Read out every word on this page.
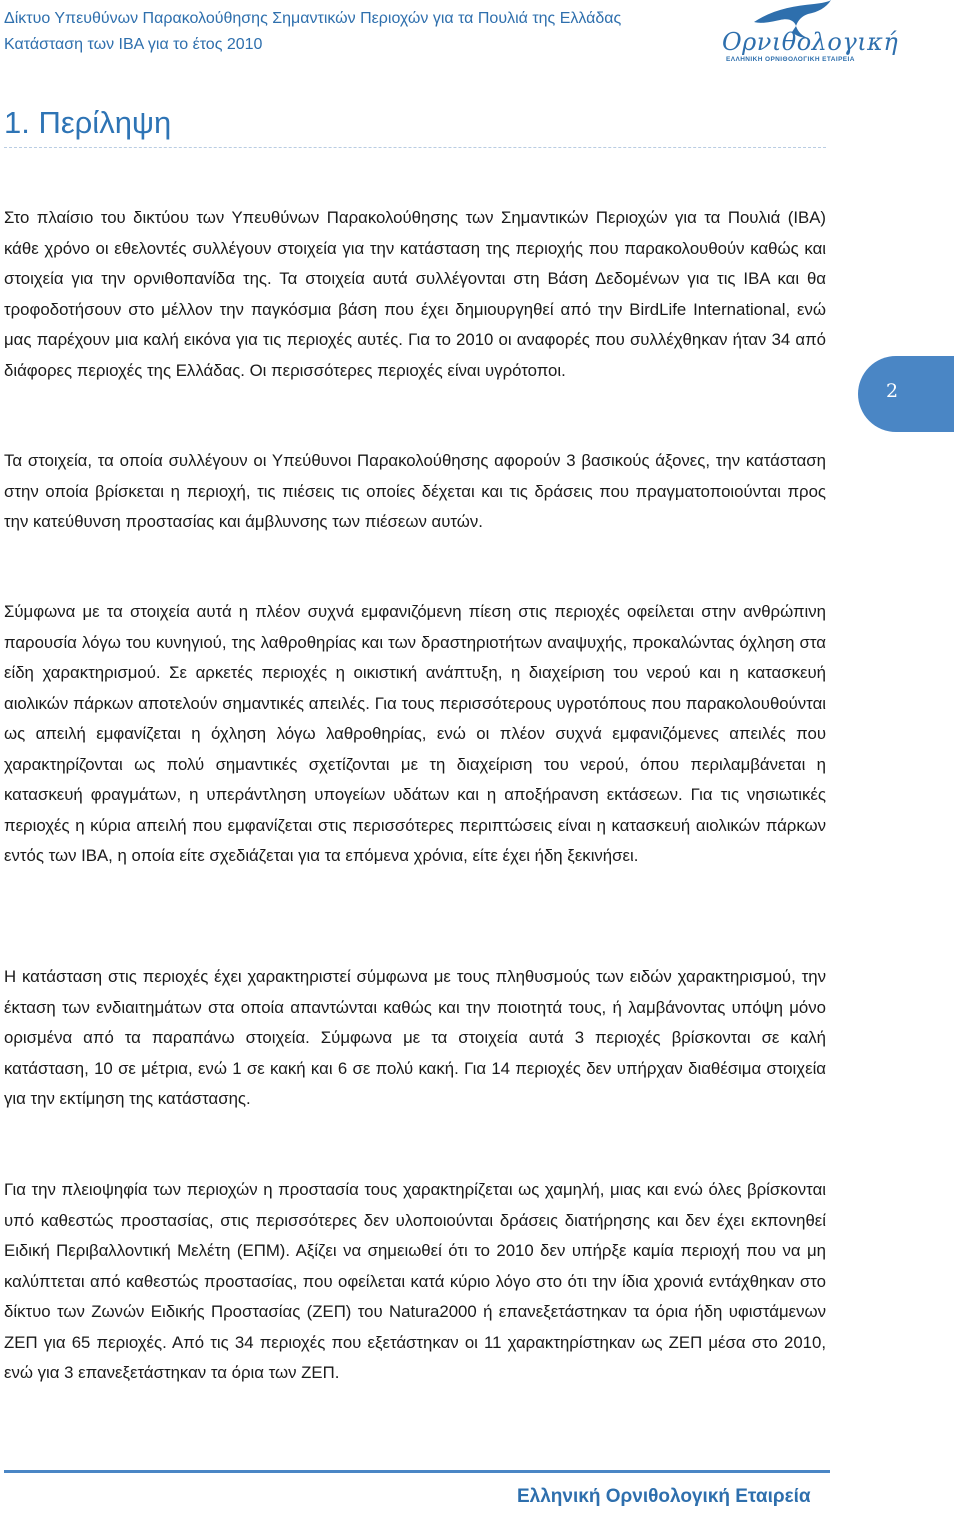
Δίκτυο Υπευθύνων Παρακολούθησης Σημαντικών Περιοχών για τα Πουλιά της Ελλάδας
Κατάσταση των ΙΒΑ για το έτος 2010	Ορνιθολογική
ΕΛΛΗΝΙΚΗ ΟΡΝΙΘΟΛΟΓΙΚΗ ΕΤΑΙΡΕΙΑ
1. Περίληψη

Στο πλαίσιο του δικτύου των Υπευθύνων Παρακολούθησης των Σημαντικών Περιοχών για τα Πουλιά (ΙΒΑ) κάθε χρόνο οι εθελοντές συλλέγουν στοιχεία για την κατάσταση της περιοχής που παρακολουθούν καθώς και στοιχεία για την ορνιθοπανίδα της. Τα στοιχεία αυτά συλλέγονται στη Βάση Δεδομένων για τις ΙΒΑ και θα τροφοδοτήσουν στο μέλλον την παγκόσμια βάση που έχει δημιουργηθεί από την BirdLife International, ενώ μας παρέχουν μια καλή εικόνα για τις περιοχές αυτές. Για το 2010 οι αναφορές που συλλέχθηκαν ήταν 34 από διάφορες περιοχές της Ελλάδας. Οι περισσότερες περιοχές είναι υγρότοποι.

Τα στοιχεία, τα οποία συλλέγουν οι Υπεύθυνοι Παρακολούθησης αφορούν 3 βασικούς άξονες, την κατάσταση στην οποία βρίσκεται η περιοχή, τις πιέσεις τις οποίες δέχεται και τις δράσεις που πραγματοποιούνται προς την κατεύθυνση προστασίας και άμβλυνσης των πιέσεων αυτών.

Σύμφωνα με τα στοιχεία αυτά η πλέον συχνά εμφανιζόμενη πίεση στις περιοχές οφείλεται στην ανθρώπινη παρουσία λόγω του κυνηγιού, της λαθροθηρίας και των δραστηριοτήτων αναψυχής, προκαλώντας όχληση στα είδη χαρακτηρισμού. Σε αρκετές περιοχές η οικιστική ανάπτυξη, η διαχείριση του νερού και η κατασκευή αιολικών πάρκων αποτελούν σημαντικές απειλές. Για τους περισσότερους υγροτόπους που παρακολουθούνται ως απειλή εμφανίζεται η όχληση λόγω λαθροθηρίας, ενώ οι πλέον συχνά εμφανιζόμενες απειλές που χαρακτηρίζονται ως πολύ σημαντικές σχετίζονται με τη διαχείριση του νερού, όπου περιλαμβάνεται η κατασκευή φραγμάτων, η υπεράντληση υπογείων υδάτων και η αποξήρανση εκτάσεων. Για τις νησιωτικές περιοχές η κύρια απειλή που εμφανίζεται στις περισσότερες περιπτώσεις είναι η κατασκευή αιολικών πάρκων εντός των ΙΒΑ, η οποία είτε σχεδιάζεται για τα επόμενα χρόνια, είτε έχει ήδη ξεκινήσει.

Η κατάσταση στις περιοχές έχει χαρακτηριστεί σύμφωνα με τους πληθυσμούς των ειδών χαρακτηρισμού, την έκταση των ενδιαιτημάτων στα οποία απαντώνται καθώς και την ποιοτητά τους, ή λαμβάνοντας υπόψη μόνο ορισμένα από τα παραπάνω στοιχεία. Σύμφωνα με τα στοιχεία αυτά 3 περιοχές βρίσκονται σε καλή κατάσταση, 10 σε μέτρια, ενώ 1 σε κακή και 6 σε πολύ κακή. Για 14 περιοχές δεν υπήρχαν διαθέσιμα στοιχεία για την εκτίμηση της κατάστασης.

Για την πλειοψηφία των περιοχών η προστασία τους χαρακτηρίζεται ως χαμηλή, μιας και ενώ όλες βρίσκονται υπό καθεστώς προστασίας, στις περισσότερες δεν υλοποιούνται δράσεις διατήρησης και δεν έχει εκπονηθεί Ειδική Περιβαλλοντική Μελέτη (ΕΠΜ). Αξίζει να σημειωθεί ότι το 2010 δεν υπήρξε καμία περιοχή που να μη καλύπτεται από καθεστώς προστασίας, που οφείλεται κατά κύριο λόγο στο ότι την ίδια χρονιά εντάχθηκαν στο δίκτυο των Ζωνών Ειδικής Προστασίας (ΖΕΠ) του Natura2000 ή επανεξετάστηκαν τα όρια ήδη υφιστάμενων ΖΕΠ για 65 περιοχές. Από τις 34 περιοχές που εξετάστηκαν οι 11 χαρακτηρίστηκαν ως ΖΕΠ μέσα στο 2010, ενώ για 3 επανεξετάστηκαν τα όρια των ΖΕΠ.

2
Ελληνική Ορνιθολογική Εταιρεία
